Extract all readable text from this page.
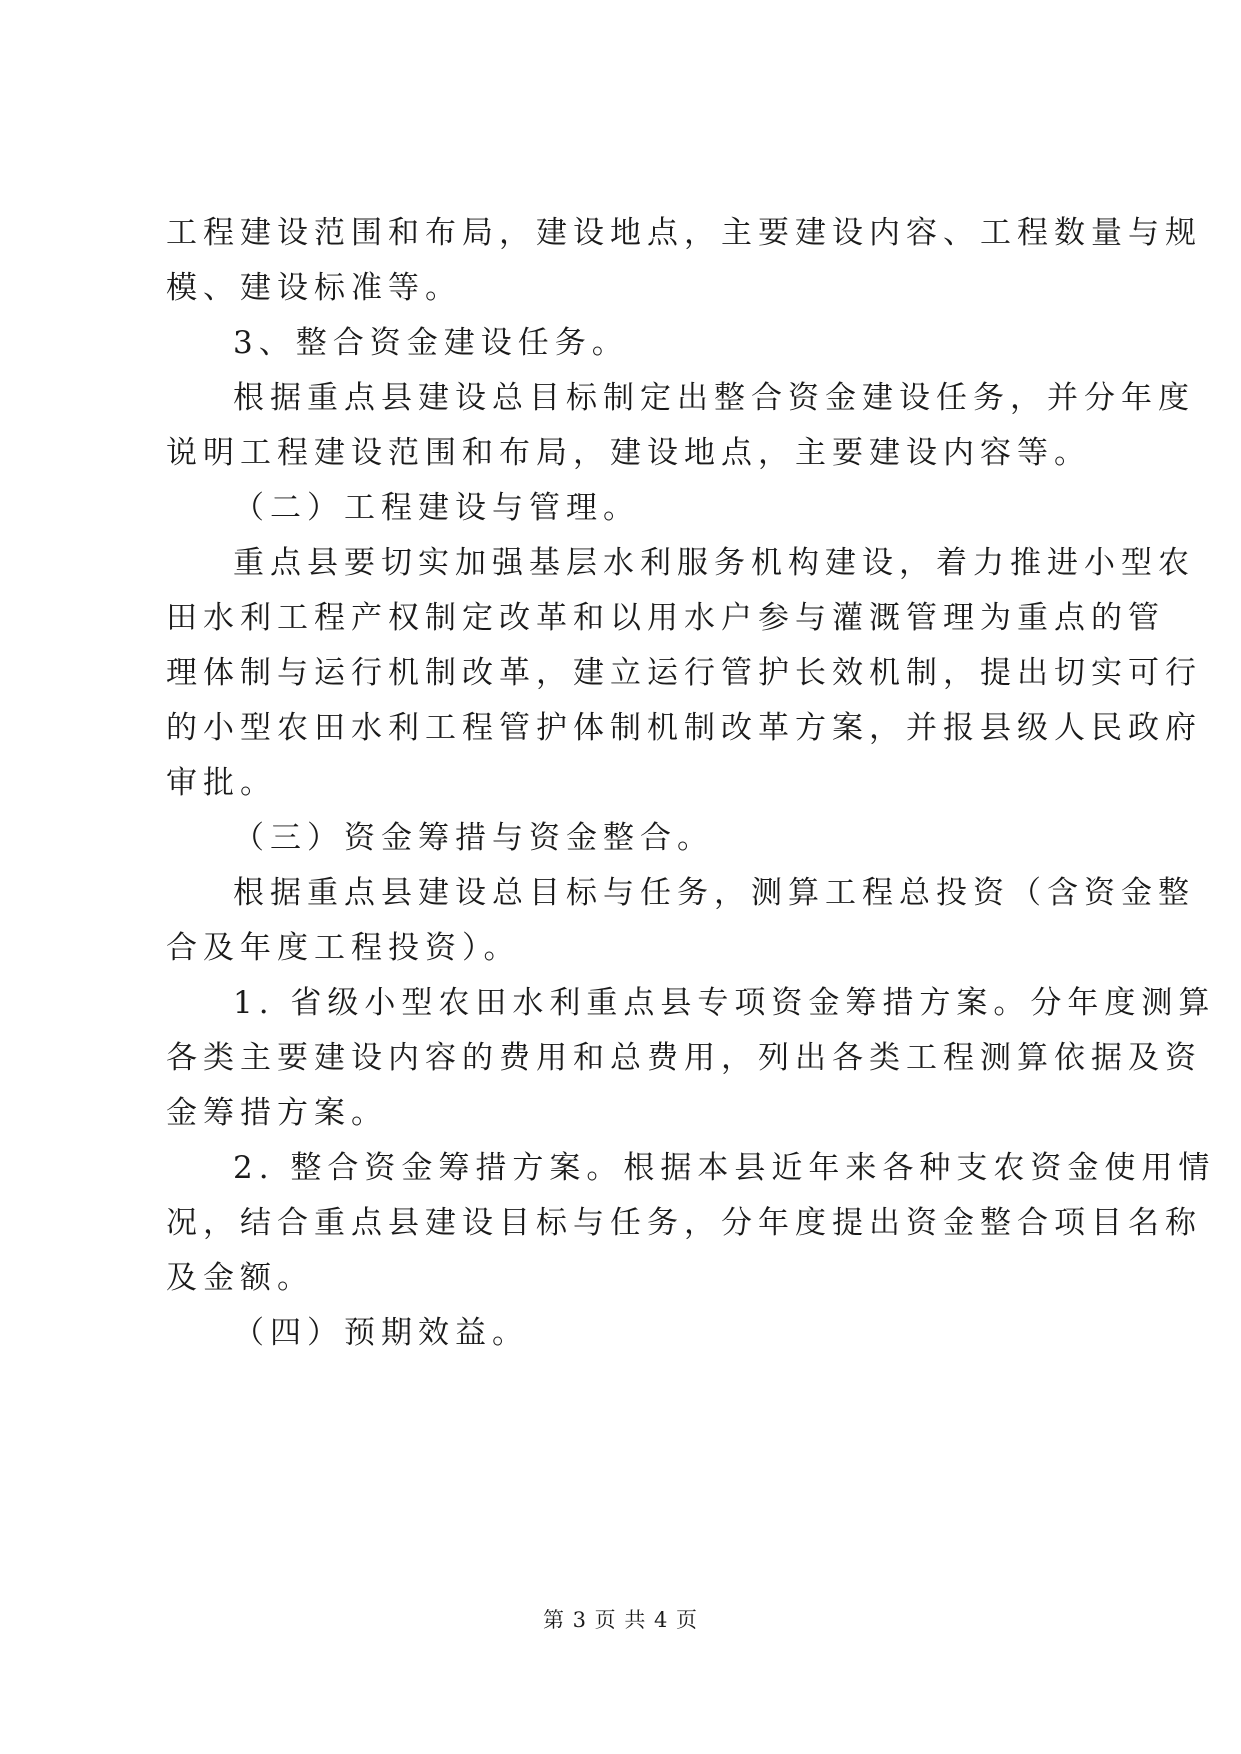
工程建设范围和布局，建设地点，主要建设内容、工程数量与规
模、建设标准等。
3、整合资金建设任务。
根据重点县建设总目标制定出整合资金建设任务，并分年度
说明工程建设范围和布局，建设地点，主要建设内容等。
（二）工程建设与管理。
重点县要切实加强基层水利服务机构建设，着力推进小型农
田水利工程产权制定改革和以用水户参与灌溉管理为重点的管
理体制与运行机制改革，建立运行管护长效机制，提出切实可行
的小型农田水利工程管护体制机制改革方案，并报县级人民政府
审批。
（三）资金筹措与资金整合。
根据重点县建设总目标与任务，测算工程总投资（含资金整
合及年度工程投资）。
1. 省级小型农田水利重点县专项资金筹措方案。分年度测算
各类主要建设内容的费用和总费用，列出各类工程测算依据及资
金筹措方案。
2. 整合资金筹措方案。根据本县近年来各种支农资金使用情
况，结合重点县建设目标与任务，分年度提出资金整合项目名称
及金额。
（四）预期效益。
第 3 页 共 4 页
